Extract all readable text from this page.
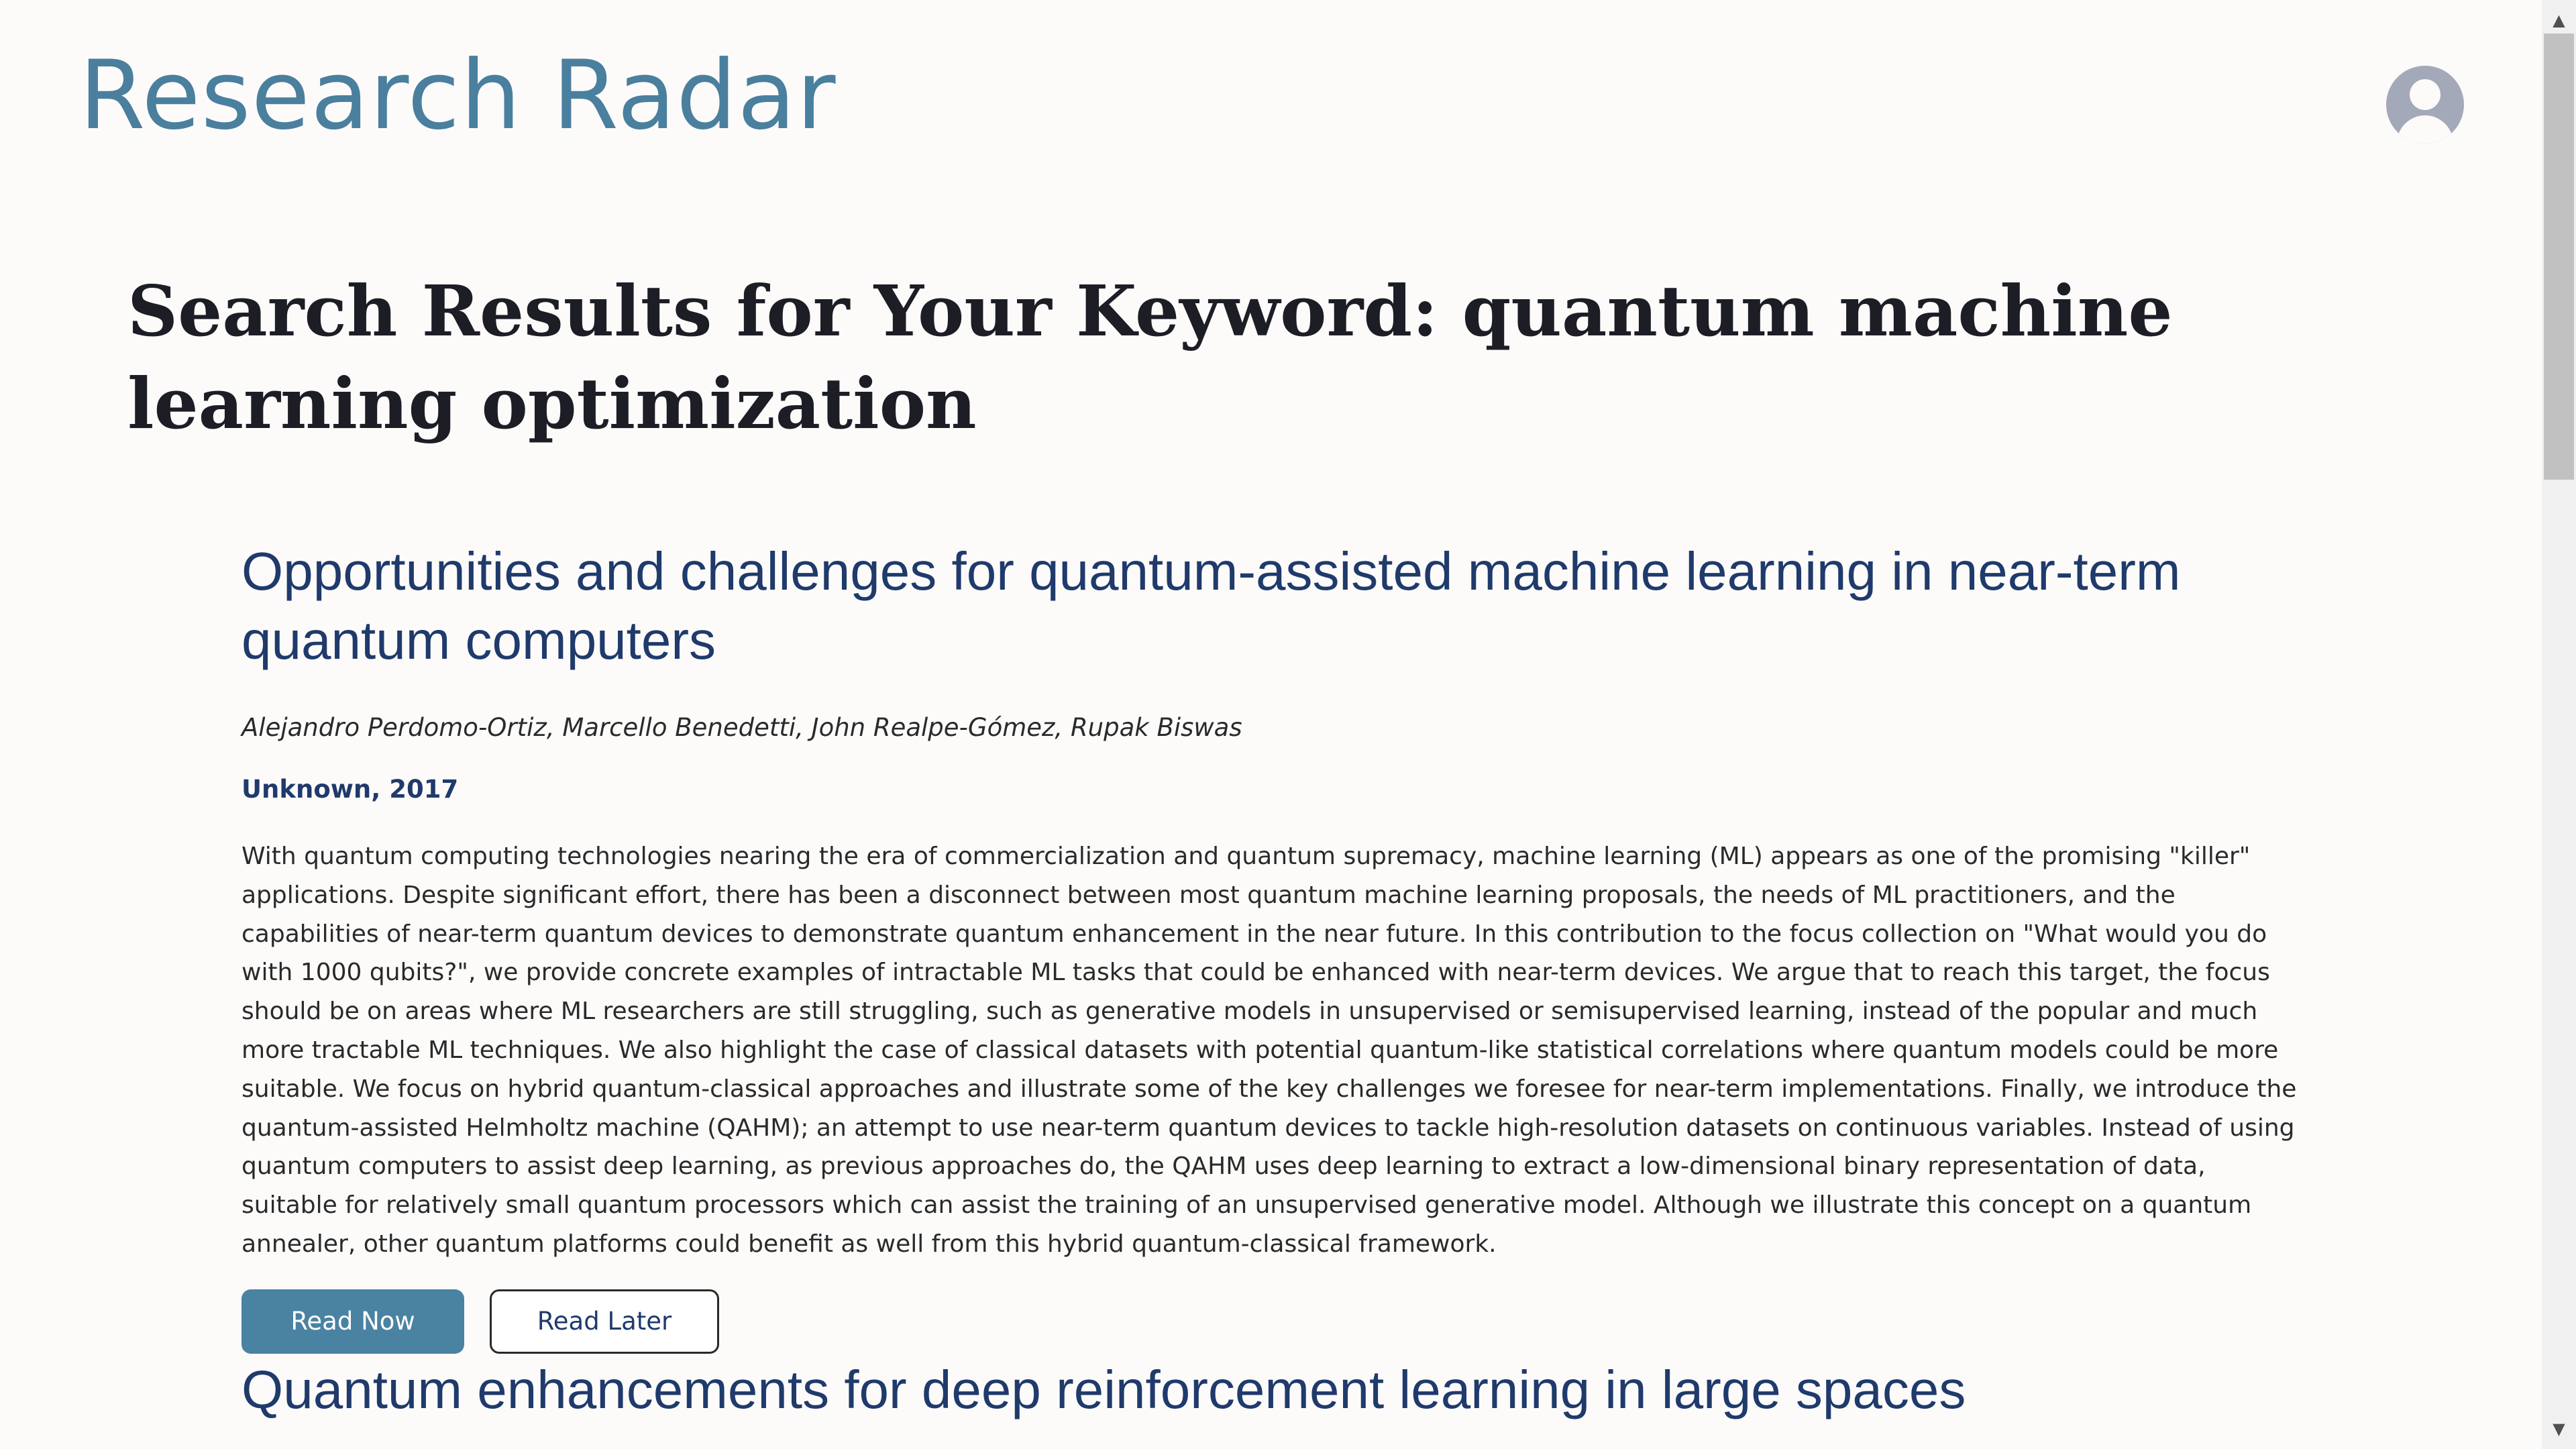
Research Radar
Search Results for Your Keyword: quantum machine learning optimization
Opportunities and challenges for quantum-assisted machine learning in near-term quantum computers

Alejandro Perdomo-Ortiz, Marcello Benedetti, John Realpe-Gómez, Rupak Biswas

Unknown, 2017

With quantum computing technologies nearing the era of commercialization and quantum supremacy, machine learning (ML) appears as one of the promising "killer" applications. Despite significant effort, there has been a disconnect between most quantum machine learning proposals, the needs of ML practitioners, and the capabilities of near-term quantum devices to demonstrate quantum enhancement in the near future. In this contribution to the focus collection on "What would you do with 1000 qubits?", we provide concrete examples of intractable ML tasks that could be enhanced with near-term devices. We argue that to reach this target, the focus should be on areas where ML researchers are still struggling, such as generative models in unsupervised or semisupervised learning, instead of the popular and much more tractable ML techniques. We also highlight the case of classical datasets with potential quantum-like statistical correlations where quantum models could be more suitable. We focus on hybrid quantum-classical approaches and illustrate some of the key challenges we foresee for near-term implementations. Finally, we introduce the quantum-assisted Helmholtz machine (QAHM); an attempt to use near-term quantum devices to tackle high-resolution datasets on continuous variables. Instead of using quantum computers to assist deep learning, as previous approaches do, the QAHM uses deep learning to extract a low-dimensional binary representation of data, suitable for relatively small quantum processors which can assist the training of an unsupervised generative model. Although we illustrate this concept on a quantum annealer, other quantum platforms could benefit as well from this hybrid quantum-classical framework.

Read Now	Read Later
Quantum enhancements for deep reinforcement learning in large spaces
▲
▼
